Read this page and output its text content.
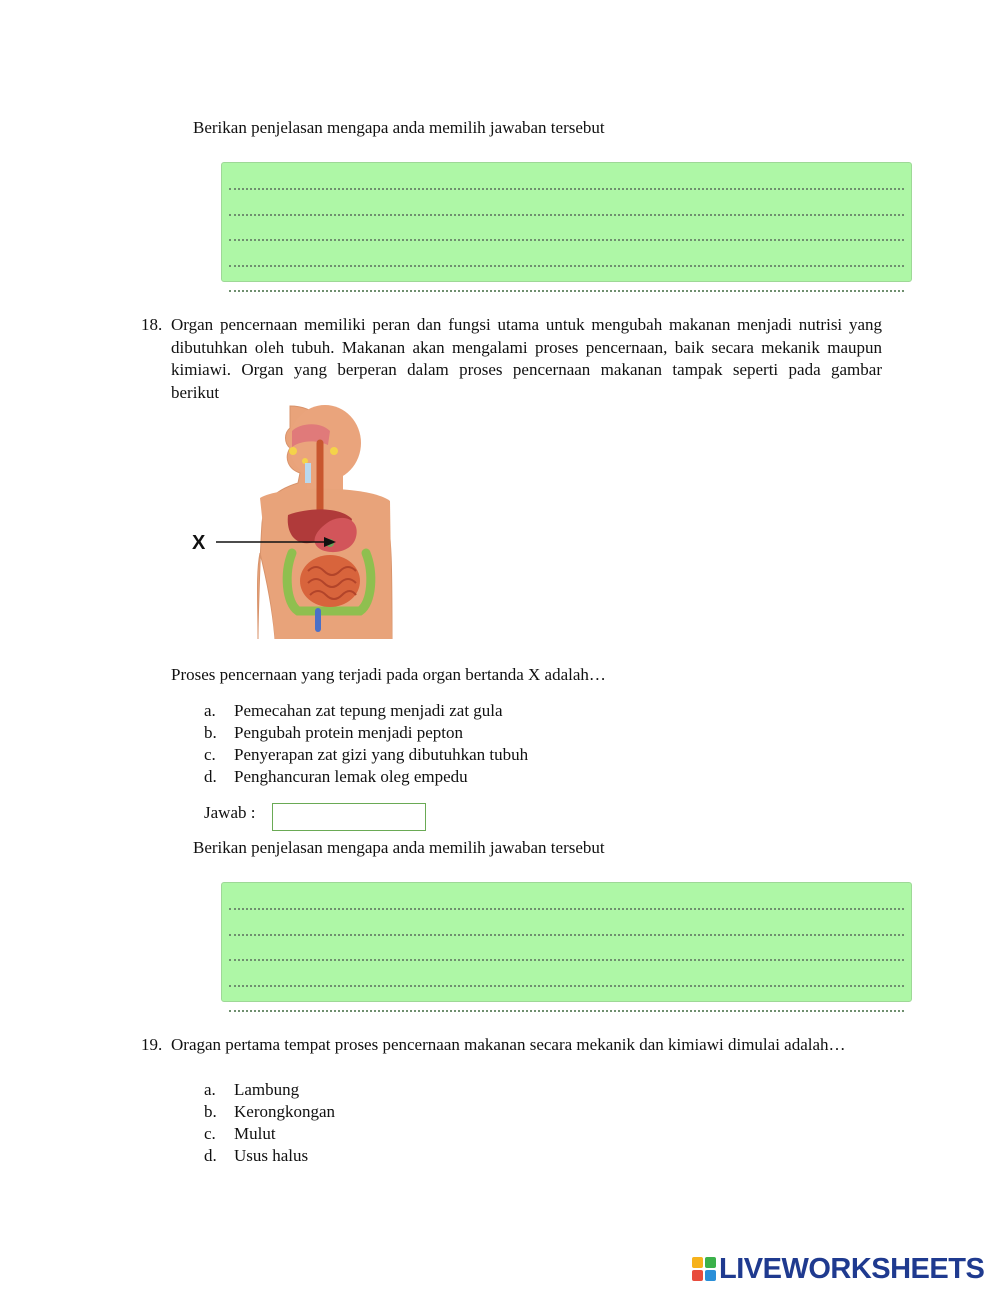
Berikan penjelasan mengapa anda memilih jawaban tersebut
18. Organ pencernaan memiliki peran dan fungsi utama untuk mengubah makanan menjadi nutrisi yang
dibutuhkan oleh tubuh. Makanan akan mengalami proses pencernaan, baik secara mekanik maupun
kimiawi. Organ yang berperan dalam proses pencernaan makanan tampak seperti pada gambar
berikut
X
Proses pencernaan yang terjadi pada organ bertanda X adalah…
a. Pemecahan zat tepung menjadi zat gula
b. Pengubah protein menjadi pepton
c. Penyerapan zat gizi yang dibutuhkan tubuh
d. Penghancuran lemak oleg empedu
Jawab :
Berikan penjelasan mengapa anda memilih jawaban tersebut
19. Oragan pertama tempat proses pencernaan makanan secara mekanik dan kimiawi dimulai adalah…
a. Lambung
b. Kerongkongan
c. Mulut
d. Usus halus
LIVEWORKSHEETS
